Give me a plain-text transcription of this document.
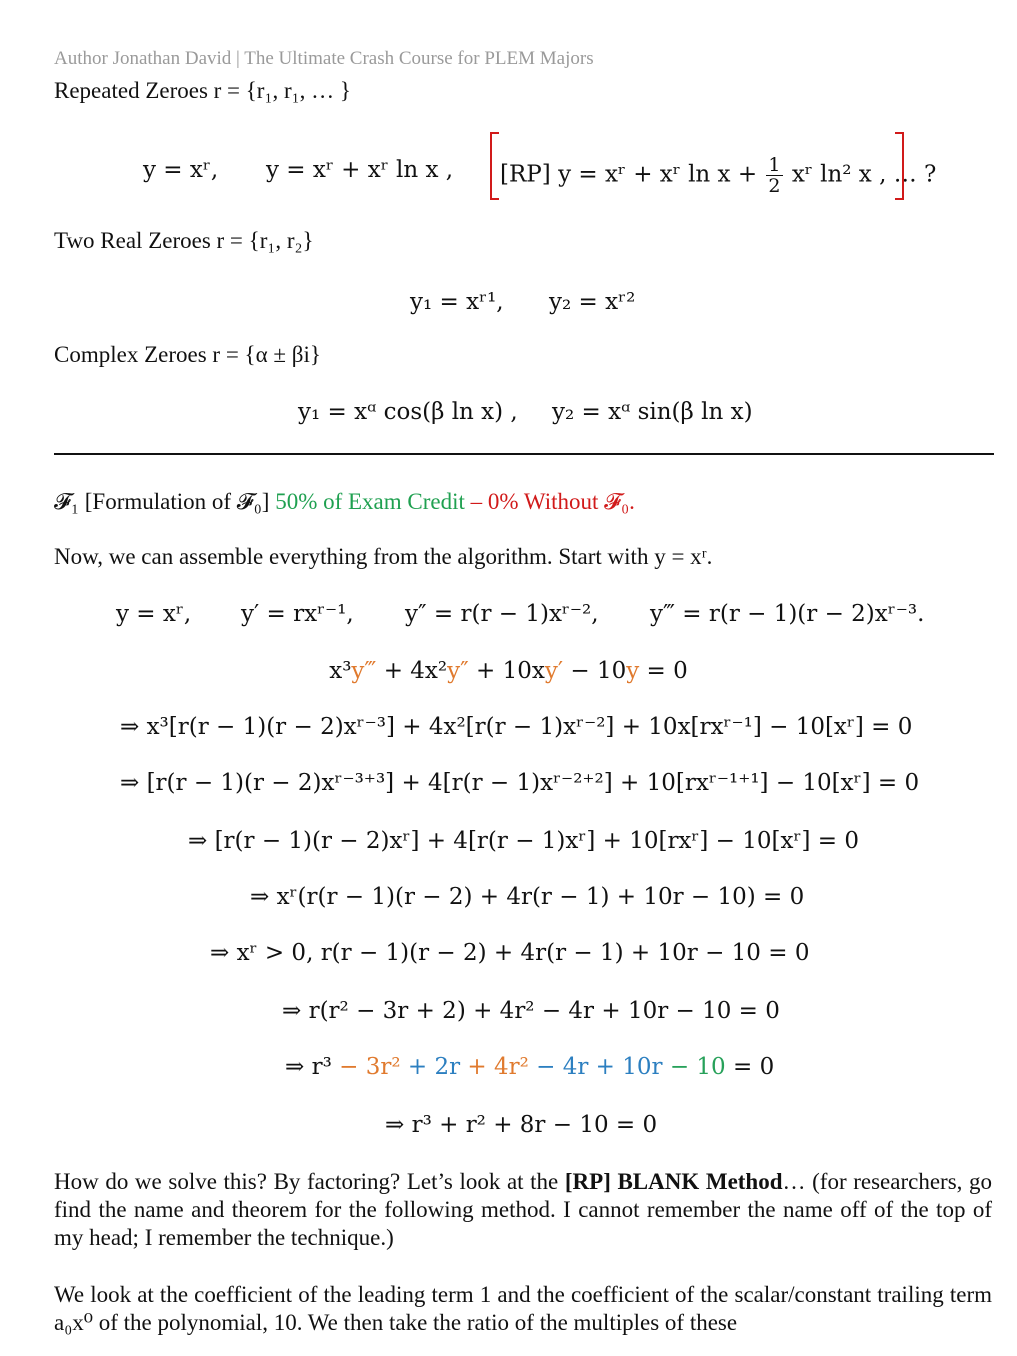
Author Jonathan David | The Ultimate Crash Course for PLEM Majors
Repeated Zeroes r = {r₁, r₁, … }
y = xʳ, y = xʳ + xʳ ln x , [RP] y = xʳ + xʳ $\ln x + \frac{1}{2}$ xʳ ln² x , … ?
Two Real Zeroes r = {r₁, r₂}
y₁ = xʳ¹, y₂ = xʳ²
Complex Zeroes r = {α ± βi}
y₁ = xᵅ cos(β ln x) , y₂ = xᵅ sin(β ln x)
𝓕₁ [Formulation of 𝓕₀] 50% of Exam Credit – 0% Without 𝓕₀.
Now, we can assemble everything from the algorithm. Start with y = xʳ.
y = xʳ, y′ = rxʳ⁻¹, y″ = r(r − 1)xʳ⁻², y‴ = r(r − 1)(r − 2)xʳ⁻³.
x³y‴ + 4x²y″ + 10xy′ − 10y = 0
⇒ x³[r(r − 1)(r − 2)xʳ⁻³] + 4x²[r(r − 1)xʳ⁻²] + 10x[rxʳ⁻¹] − 10[xʳ] = 0
⇒ [r(r − 1)(r − 2)xʳ⁻³⁺³] + 4[r(r − 1)xʳ⁻²⁺²] + 10[rxʳ⁻¹⁺¹] − 10[xʳ] = 0
⇒ [r(r − 1)(r − 2)xʳ] + 4[r(r − 1)xʳ] + 10[rxʳ] − 10[xʳ] = 0
⇒ xʳ(r(r − 1)(r − 2) + 4r(r − 1) + 10r − 10) = 0
⇒ xʳ > 0, r(r − 1)(r − 2) + 4r(r − 1) + 10r − 10 = 0
⇒ r(r² − 3r + 2) + 4r² − 4r + 10r − 10 = 0
⇒ r³ − 3r² + 2r + 4r² − 4r + 10r − 10 = 0
⇒ r³ + r² + 8r − 10 = 0
How do we solve this? By factoring? Let’s look at the [RP] BLANK Method… (for researchers, go find the name and theorem for the following method. I cannot remember the name off of the top of my head; I remember the technique.)
We look at the coefficient of the leading term 1 and the coefficient of the scalar/constant trailing term a₀x⁰ of the polynomial, 10. We then take the ratio of the multiples of these
